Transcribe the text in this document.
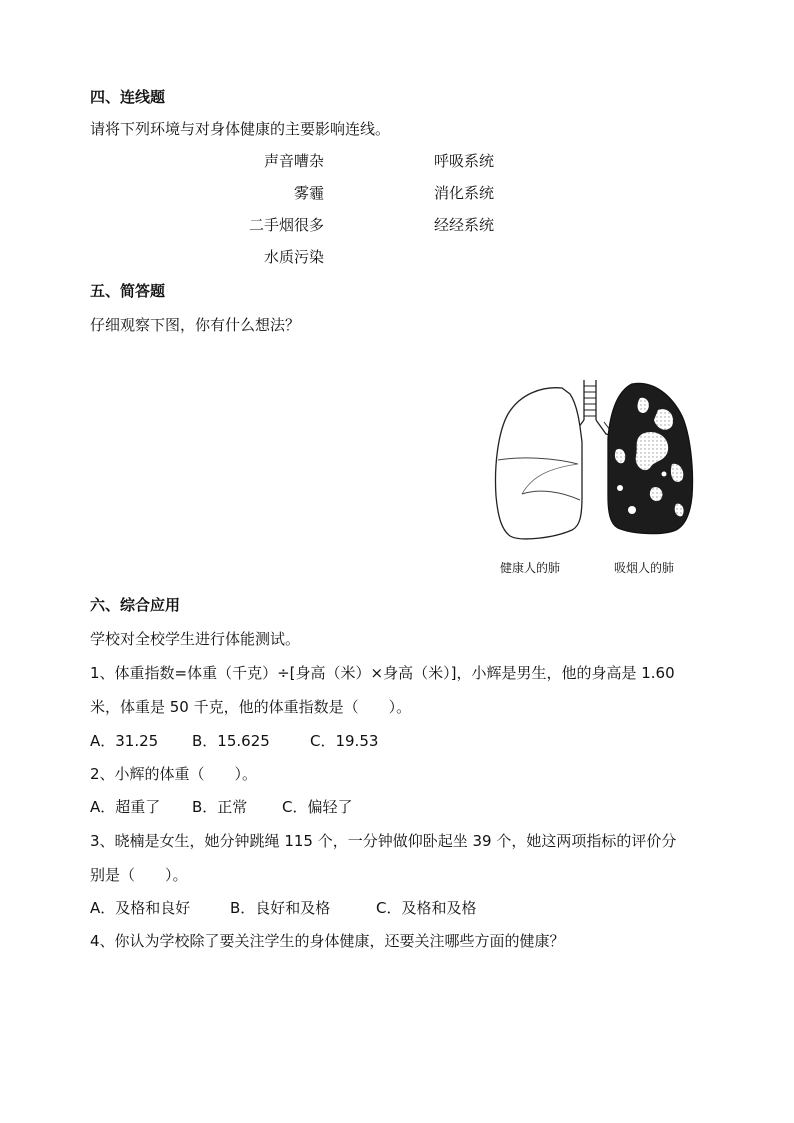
四、连线题
请将下列环境与对身体健康的主要影响连线。
声音嘈杂
雾霾
二手烟很多
水质污染
呼吸系统
消化系统
经经系统
五、简答题
仔细观察下图，你有什么想法？
健康人的肺	吸烟人的肺
六、综合应用
学校对全校学生进行体能测试。
1、体重指数=体重（千克）÷[身高（米）×身高（米）]，小辉是男生，他的身高是 1.60
米，体重是 50 千克，他的体重指数是（　　）。
A．31.25 B．15.625	C．19.53
2、小辉的体重（　　）。
A．超重了 B．正常 C．偏轻了
3、晓楠是女生，她分钟跳绳 115 个，一分钟做仰卧起坐 39 个，她这两项指标的评价分
别是（　　）。
A．及格和良好	B．良好和及格	C．及格和及格
4、你认为学校除了要关注学生的身体健康，还要关注哪些方面的健康？
